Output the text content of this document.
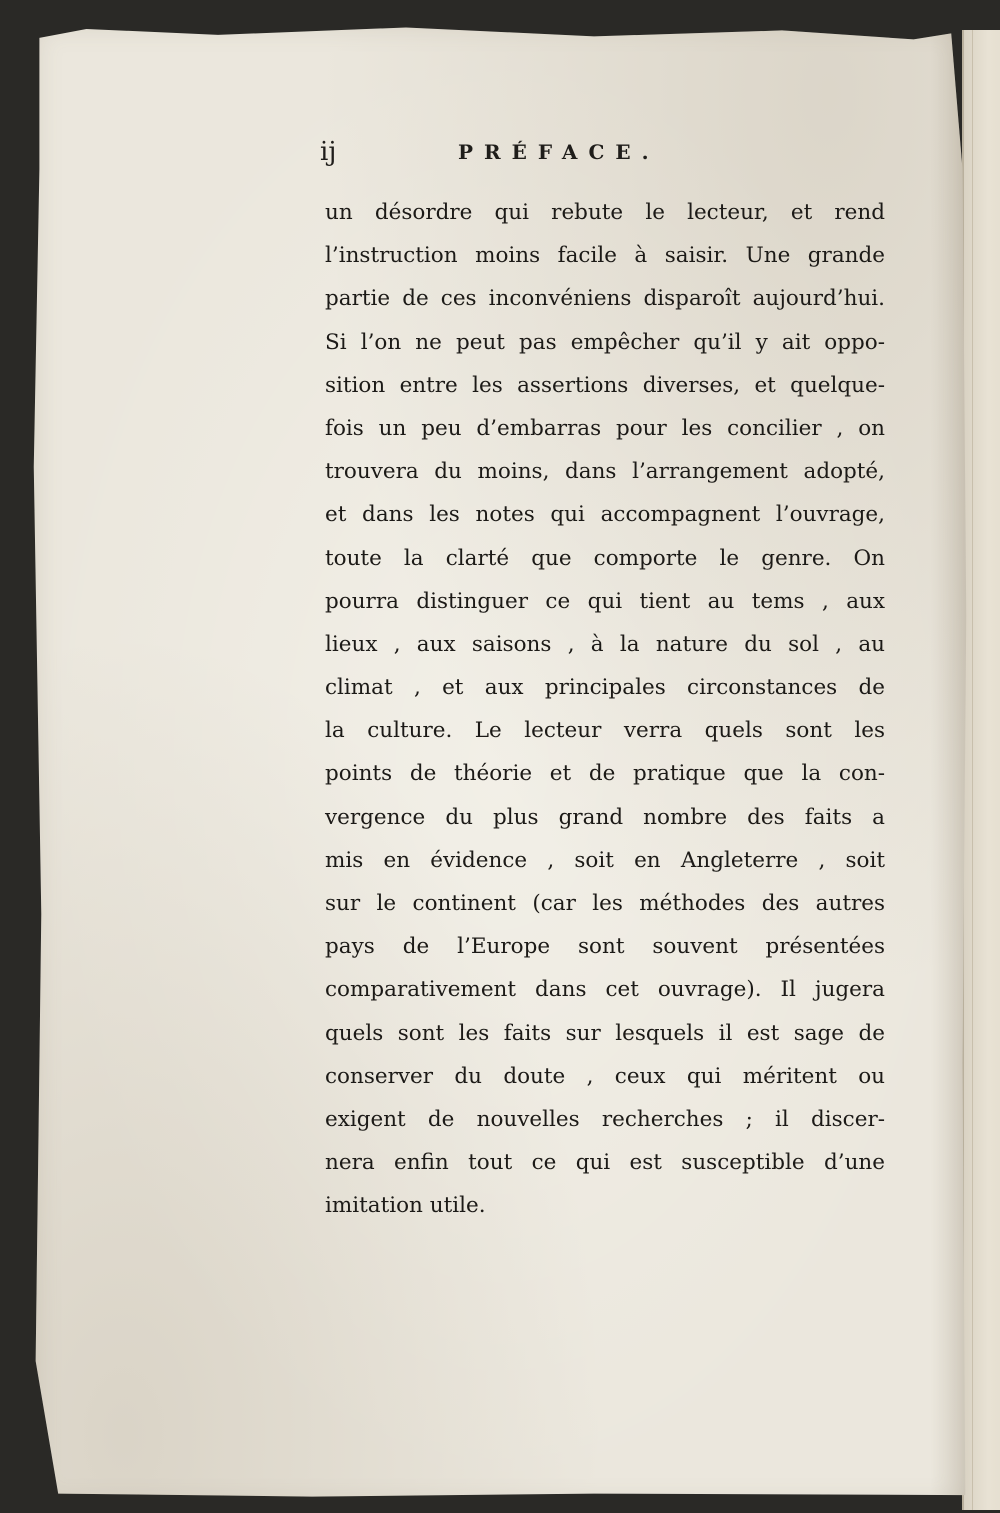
ij	PRÉFACE.
un désordre qui rebute le lecteur, et rend
l’instruction moins facile à saisir. Une grande
partie de ces inconvéniens disparoît aujourd’hui.
Si l’on ne peut pas empêcher qu’il y ait oppo-
sition entre les assertions diverses, et quelque-
fois un peu d’embarras pour les concilier , on
trouvera du moins, dans l’arrangement adopté,
et dans les notes qui accompagnent l’ouvrage,
toute la clarté que comporte le genre. On
pourra distinguer ce qui tient au tems , aux
lieux , aux saisons , à la nature du sol , au
climat , et aux principales circonstances de
la culture. Le lecteur verra quels sont les
points de théorie et de pratique que la con-
vergence du plus grand nombre des faits a
mis en évidence , soit en Angleterre , soit
sur le continent (car les méthodes des autres
pays de l’Europe sont souvent présentées
comparativement dans cet ouvrage). Il jugera
quels sont les faits sur lesquels il est sage de
conserver du doute , ceux qui méritent ou
exigent de nouvelles recherches ; il discer-
nera enfin tout ce qui est susceptible d’une
imitation utile.
